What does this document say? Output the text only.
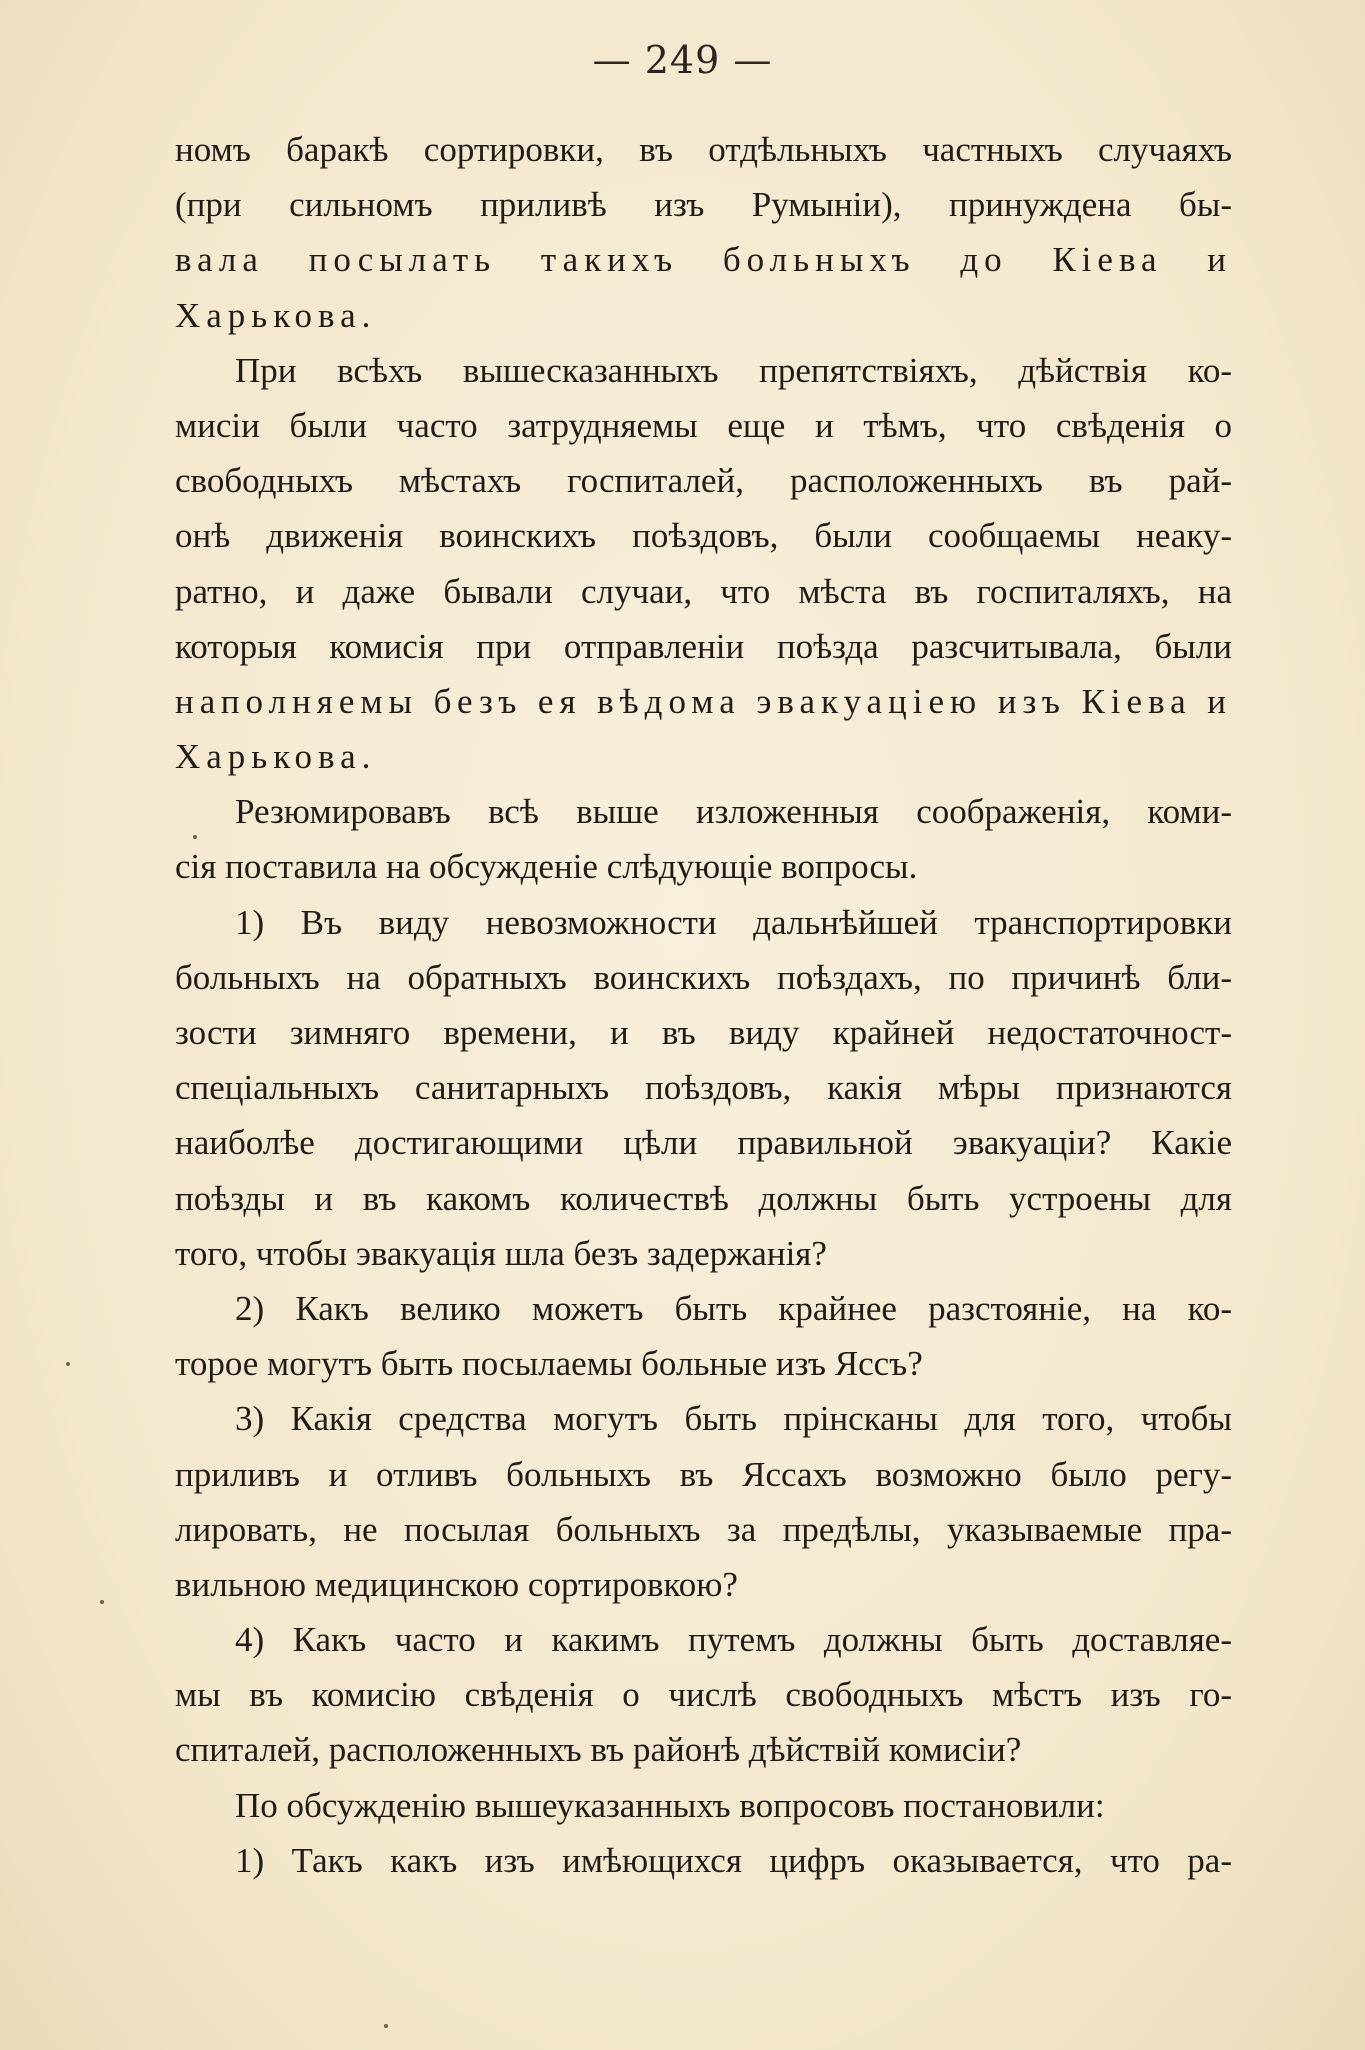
— 249 —
номъ баракѣ сортировки, въ отдѣльныхъ частныхъ случаяхъ
(при сильномъ приливѣ изъ Румыніи), принуждена бы-
вала посылать такихъ больныхъ до Кіева и
Харькова.
При всѣхъ вышесказанныхъ препятствіяхъ, дѣйствія ко-
мисіи были часто затрудняемы еще и тѣмъ, что свѣденія о
свободныхъ мѣстахъ госпиталей, расположенныхъ въ рай-
онѣ движенія воинскихъ поѣздовъ, были сообщаемы неаку-
ратно, и даже бывали случаи, что мѣста въ госпиталяхъ, на
которыя комисія при отправленіи поѣзда разсчитывала, были
наполняемы безъ ея вѣдома эвакуаціею изъ Кіева и
Харькова.
Резюмировавъ всѣ выше изложенныя соображенія, коми-
сія поставила на обсужденіе слѣдующіе вопросы.
1) Въ виду невозможности дальнѣйшей транспортировки
больныхъ на обратныхъ воинскихъ поѣздахъ, по причинѣ бли-
зости зимняго времени, и въ виду крайней недостаточност-
спеціальныхъ санитарныхъ поѣздовъ, какія мѣры признаются
наиболѣе достигающими цѣли правильной эвакуаціи? Какіе
поѣзды и въ какомъ количествѣ должны быть устроены для
того, чтобы эвакуація шла безъ задержанія?
2) Какъ велико можетъ быть крайнее разстояніе, на ко-
торое могутъ быть посылаемы больные изъ Яссъ?
3) Какія средства могутъ быть прінсканы для того, чтобы
приливъ и отливъ больныхъ въ Яссахъ возможно было регу-
лировать, не посылая больныхъ за предѣлы, указываемые пра-
вильною медицинскою сортировкою?
4) Какъ часто и какимъ путемъ должны быть доставляе-
мы въ комисію свѣденія о числѣ свободныхъ мѣстъ изъ го-
спиталей, расположенныхъ въ районѣ дѣйствій комисіи?
По обсужденію вышеуказанныхъ вопросовъ постановили:
1) Такъ какъ изъ имѣющихся цифръ оказывается, что ра-
